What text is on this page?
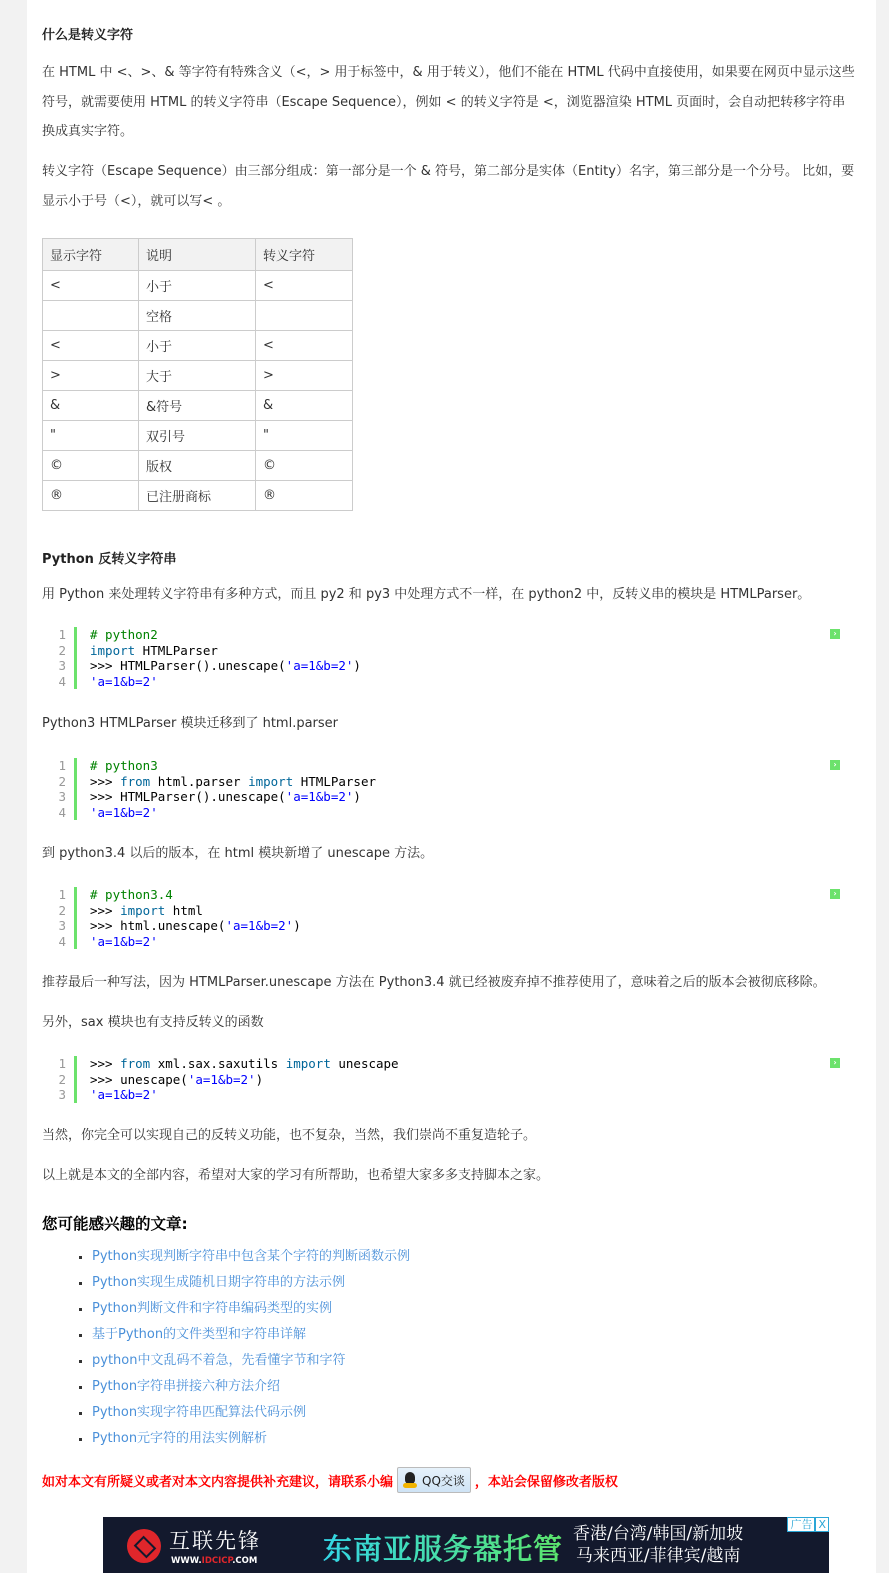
什么是转义字符

在 HTML 中 <、>、& 等字符有特殊含义（<，> 用于标签中，& 用于转义），他们不能在 HTML 代码中直接使用，如果要在网页中显示这些符号，就需要使用 HTML 的转义字符串（Escape Sequence），例如 < 的转义字符是 <，浏览器渲染 HTML 页面时，会自动把转移字符串换成真实字符。

转义字符（Escape Sequence）由三部分组成：第一部分是一个 & 符号，第二部分是实体（Entity）名字，第三部分是一个分号。 比如，要显示小于号（<），就可以写< 。

显示字符	说明	转义字符
<	小于	<
	空格	
<	小于	<
>	大于	>
&	&符号	&
"	双引号	"
©	版权	©
®	已注册商标	®
Python 反转义字符串

用 Python 来处理转义字符串有多种方式，而且 py2 和 py3 中处理方式不一样，在 python2 中，反转义串的模块是 HTMLParser。

1	# python2
2	import HTMLParser
3	>>> HTMLParser().unescape('a=1&b=2')
4	'a=1&b=2'
›

Python3 HTMLParser 模块迁移到了 html.parser

1	# python3
2	>>> from html.parser import HTMLParser
3	>>> HTMLParser().unescape('a=1&b=2')
4	'a=1&b=2'
›

到 python3.4 以后的版本，在 html 模块新增了 unescape 方法。

1	# python3.4
2	>>> import html
3	>>> html.unescape('a=1&b=2')
4	'a=1&b=2'
›

推荐最后一种写法，因为 HTMLParser.unescape 方法在 Python3.4 就已经被废弃掉不推荐使用了，意味着之后的版本会被彻底移除。

另外，sax 模块也有支持反转义的函数

1	>>> from xml.sax.saxutils import unescape
2	>>> unescape('a=1&b=2')
3	'a=1&b=2'
›

当然，你完全可以实现自己的反转义功能，也不复杂，当然，我们崇尚不重复造轮子。

以上就是本文的全部内容，希望对大家的学习有所帮助，也希望大家多多支持脚本之家。

您可能感兴趣的文章:
Python实现判断字符串中包含某个字符的判断函数示例
Python实现生成随机日期字符串的方法示例
Python判断文件和字符串编码类型的实例
基于Python的文件类型和字符串详解
python中文乱码不着急，先看懂字节和字符
Python字符串拼接六种方法介绍
Python实现字符串匹配算法代码示例
Python元字符的用法实例解析
如对本文有所疑义或者对本文内容提供补充建议，请联系小编 QQ交谈 ，本站会保留修改者版权
互联先锋
WWW.IDCICP.COM 东南亚服务器托管 香港/台湾/韩国/新加坡
马来西亚/菲律宾/越南
广告 X
